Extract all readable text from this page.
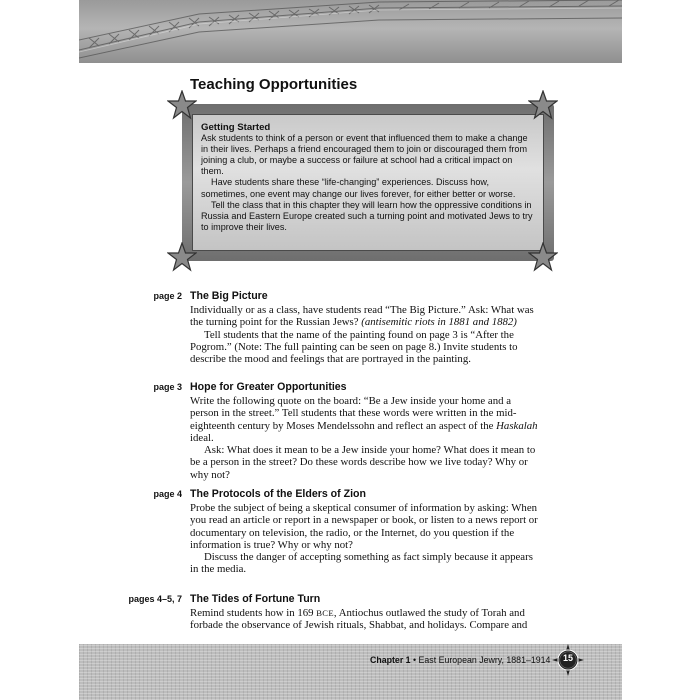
Teaching Opportunities
Getting Started

Ask students to think of a person or event that influenced them to make a change in their lives. Perhaps a friend encouraged them to join or discouraged them from joining a club, or maybe a success or failure at school had a critical impact on them.

Have students share these “life-changing” experiences. Discuss how, sometimes, one event may change our lives forever, for either better or worse.

Tell the class that in this chapter they will learn how the oppressive conditions in Russia and Eastern Europe created such a turning point and motivated Jews to try to improve their lives.

page 2 The Big Picture

Individually or as a class, have students read “The Big Picture.” Ask: What was the turning point for the Russian Jews? (antisemitic riots in 1881 and 1882)

Tell students that the name of the painting found on page 3 is “After the Pogrom.” (Note: The full painting can be seen on page 8.) Invite students to describe the mood and feelings that are portrayed in the painting.

page 3 Hope for Greater Opportunities

Write the following quote on the board: “Be a Jew inside your home and a person in the street.” Tell students that these words were written in the mid-eighteenth century by Moses Mendelssohn and reflect an aspect of the Haskalah ideal.

Ask: What does it mean to be a Jew inside your home? What does it mean to be a person in the street? Do these words describe how we live today? Why or why not?

page 4 The Protocols of the Elders of Zion

Probe the subject of being a skeptical consumer of information by asking: When you read an article or report in a newspaper or book, or listen to a news report or documentary on television, the radio, or the Internet, do you question if the information is true? Why or why not?

Discuss the danger of accepting something as fact simply because it appears in the media.

pages 4–5, 7 The Tides of Fortune Turn

Remind students how in 169 BCE, Antiochus outlawed the study of Torah and forbade the observance of Jewish rituals, Shabbat, and holidays. Compare and

Chapter 1 • East European Jewry, 1881–1914	15
